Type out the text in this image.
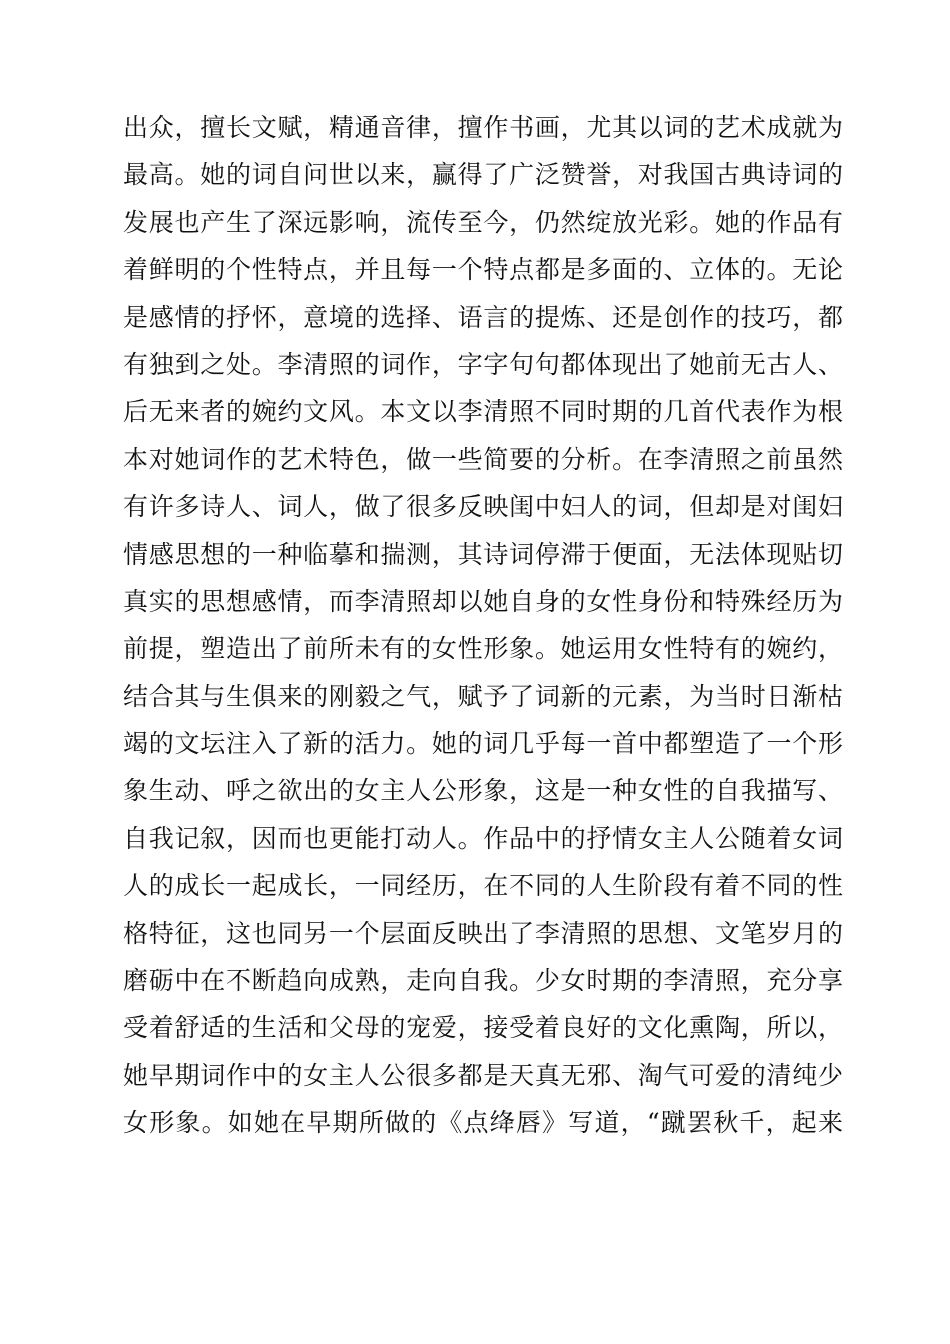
出众，擅长文赋，精通音律，擅作书画，尤其以词的艺术成就为
最高。她的词自问世以来，赢得了广泛赞誉，对我国古典诗词的
发展也产生了深远影响，流传至今，仍然绽放光彩。她的作品有
着鲜明的个性特点，并且每一个特点都是多面的、立体的。无论
是感情的抒怀，意境的选择、语言的提炼、还是创作的技巧，都
有独到之处。李清照的词作，字字句句都体现出了她前无古人、
后无来者的婉约文风。本文以李清照不同时期的几首代表作为根
本对她词作的艺术特色，做一些简要的分析。在李清照之前虽然
有许多诗人、词人，做了很多反映闺中妇人的词，但却是对闺妇
情感思想的一种临摹和揣测，其诗词停滞于便面，无法体现贴切
真实的思想感情，而李清照却以她自身的女性身份和特殊经历为
前提，塑造出了前所未有的女性形象。她运用女性特有的婉约，
结合其与生俱来的刚毅之气，赋予了词新的元素，为当时日渐枯
竭的文坛注入了新的活力。她的词几乎每一首中都塑造了一个形
象生动、呼之欲出的女主人公形象，这是一种女性的自我描写、
自我记叙，因而也更能打动人。作品中的抒情女主人公随着女词
人的成长一起成长，一同经历，在不同的人生阶段有着不同的性
格特征，这也同另一个层面反映出了李清照的思想、文笔岁月的
磨砺中在不断趋向成熟，走向自我。少女时期的李清照，充分享
受着舒适的生活和父母的宠爱，接受着良好的文化熏陶，所以，
她早期词作中的女主人公很多都是天真无邪、淘气可爱的清纯少
女形象。如她在早期所做的《点绛唇》写道，“蹴罢秋千，起来
